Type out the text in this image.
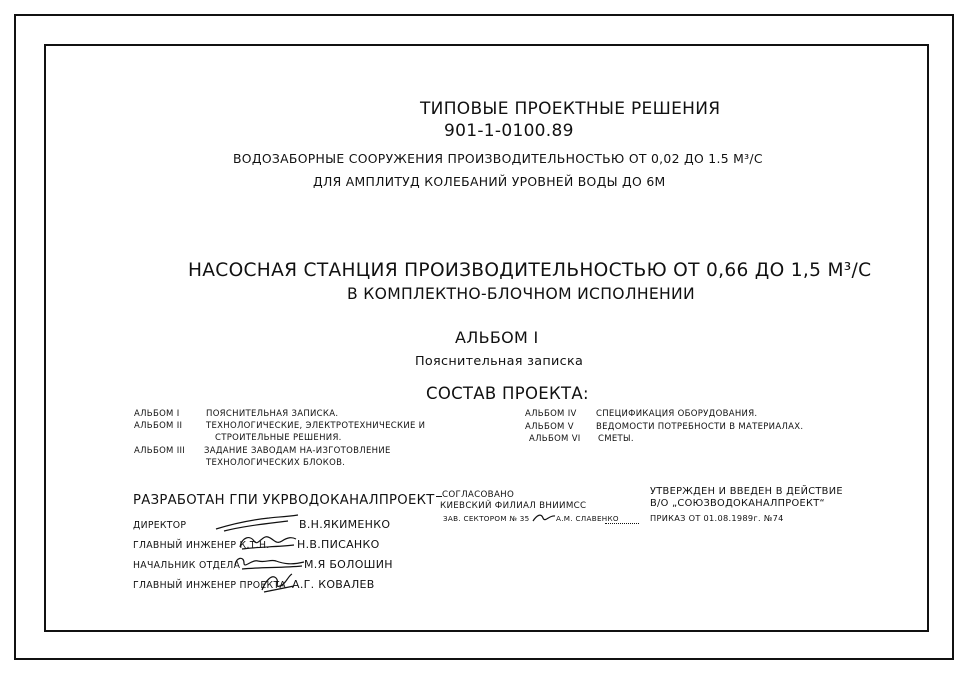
ТИПОВЫЕ ПРОЕКТНЫЕ РЕШЕНИЯ
901-1-0100.89
ВОДОЗАБОРНЫЕ СООРУЖЕНИЯ ПРОИЗВОДИТЕЛЬНОСТЬЮ ОТ 0,02 ДО 1.5 М³/С
ДЛЯ АМПЛИТУД КОЛЕБАНИЙ УРОВНЕЙ ВОДЫ ДО 6М
НАСОСНАЯ СТАНЦИЯ ПРОИЗВОДИТЕЛЬНОСТЬЮ ОТ 0,66 ДО 1,5 М³/С
В КОМПЛЕКТНО-БЛОЧНОМ ИСПОЛНЕНИИ
АЛЬБОМ I
Пояснительная записка
СОСТАВ ПРОЕКТА:
АЛЬБОМ I	ПОЯСНИТЕЛЬНАЯ ЗАПИСКА.
АЛЬБОМ II	ТЕХНОЛОГИЧЕСКИЕ, ЭЛЕКТРОТЕХНИЧЕСКИЕ И
СТРОИТЕЛЬНЫЕ РЕШЕНИЯ.
АЛЬБОМ III ЗАДАНИЕ ЗАВОДАМ НА-ИЗГОТОВЛЕНИЕ
ТЕХНОЛОГИЧЕСКИХ БЛОКОВ.
АЛЬБОМ IV СПЕЦИФИКАЦИЯ ОБОРУДОВАНИЯ.
АЛЬБОМ V	ВЕДОМОСТИ ПОТРЕБНОСТИ В МАТЕРИАЛАХ.
АЛЬБОМ VI СМЕТЫ.
РАЗРАБОТАН ГПИ УКРВОДОКАНАЛПРОЕКТ
ДИРЕКТОР	В.Н.ЯКИМЕНКО
ГЛАВНЫЙ ИНЖЕНЕР К.Т.Н.	Н.В.ПИСАНКО
НАЧАЛЬНИК ОТДЕЛА	М.Я БОЛОШИН
ГЛАВНЫЙ ИНЖЕНЕР ПРОЕКТА А.Г. КОВАЛЕВ
СОГЛАСОВАНО
КИЕВСКИЙ ФИЛИАЛ ВНИИМСС
ЗАВ. СЕКТОРОМ № 35	А.М. СЛАВЕНКО
УТВЕРЖДЕН И ВВЕДЕН В ДЕЙСТВИЕ
В/О „СОЮЗВОДОКАНАЛПРОЕКТ“
ПРИКАЗ ОТ 01.08.1989г. №74
